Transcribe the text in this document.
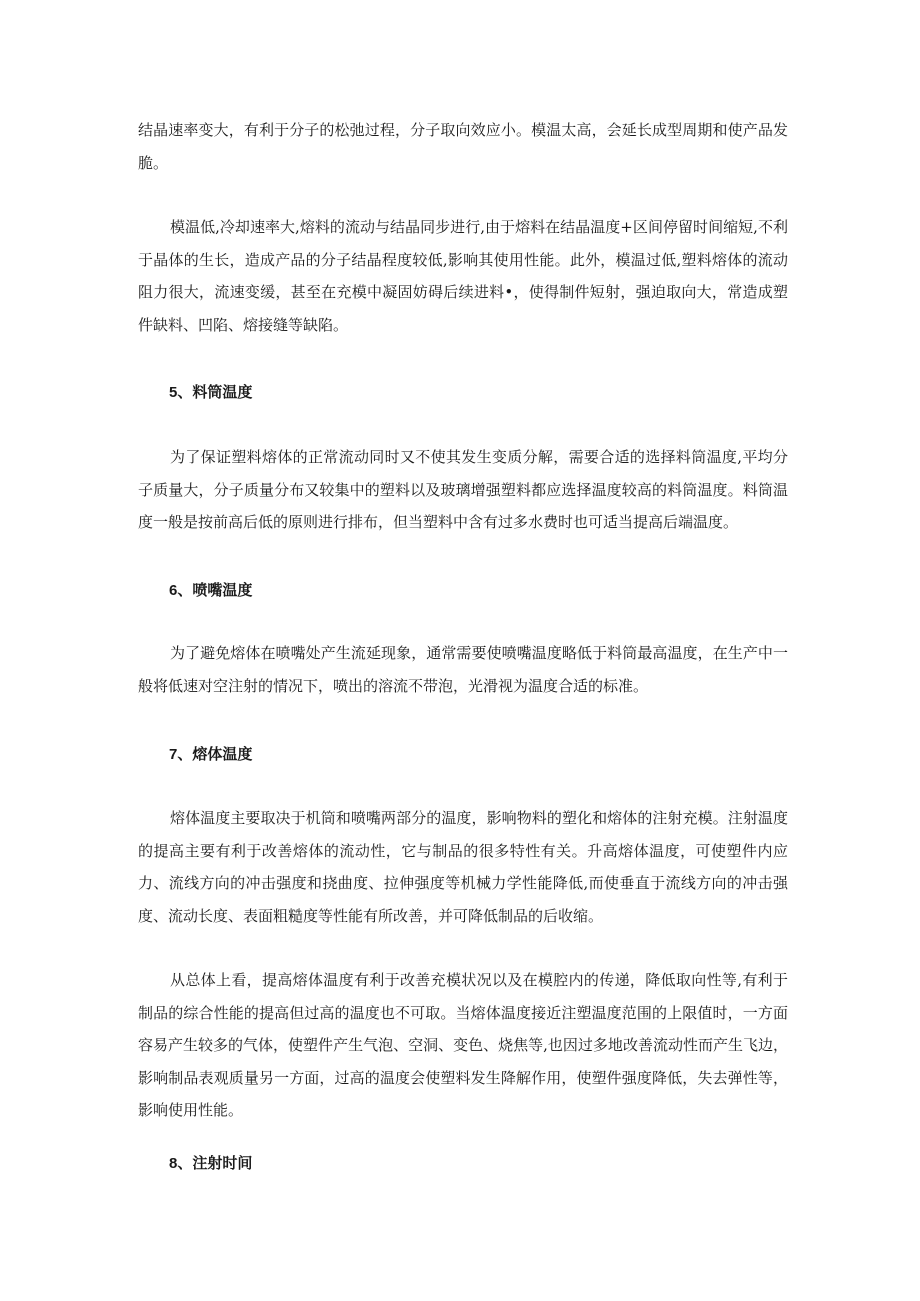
结晶速率变大，有利于分子的松弛过程，分子取向效应小。模温太高，会延长成型周期和使产品发脆。

模温低,冷却速率大,熔料的流动与结晶同步进行,由于熔料在结晶温度+区间停留时间缩短,不利于晶体的生长，造成产品的分子结晶程度较低,影响其使用性能。此外，模温过低,塑料熔体的流动阻力很大，流速变缓，甚至在充模中凝固妨碍后续进料•，使得制件短射，强迫取向大，常造成塑件缺料、凹陷、熔接缝等缺陷。

5、料筒温度

为了保证塑料熔体的正常流动同时又不使其发生变质分解，需要合适的选择料筒温度,平均分子质量大，分子质量分布又较集中的塑料以及玻璃增强塑料都应选择温度较高的料筒温度。料筒温度一般是按前高后低的原则进行排布，但当塑料中含有过多水费时也可适当提高后端温度。

6、喷嘴温度

为了避免熔体在喷嘴处产生流延现象，通常需要使喷嘴温度略低于料筒最高温度，在生产中一般将低速对空注射的情况下，喷出的溶流不带泡，光滑视为温度合适的标准。

7、熔体温度

熔体温度主要取决于机筒和喷嘴两部分的温度，影响物料的塑化和熔体的注射充模。注射温度的提高主要有利于改善熔体的流动性，它与制品的很多特性有关。升高熔体温度，可使塑件内应力、流线方向的冲击强度和挠曲度、拉伸强度等机械力学性能降低,而使垂直于流线方向的冲击强度、流动长度、表面粗糙度等性能有所改善，并可降低制品的后收缩。

从总体上看，提高熔体温度有利于改善充模状况以及在模腔内的传递，降低取向性等,有利于制品的综合性能的提高但过高的温度也不可取。当熔体温度接近注塑温度范围的上限值时，一方面容易产生较多的气体，使塑件产生气泡、空洞、变色、烧焦等,也因过多地改善流动性而产生飞边，影响制品表观质量另一方面，过高的温度会使塑料发生降解作用，使塑件强度降低，失去弹性等，影响使用性能。

8、注射时间
